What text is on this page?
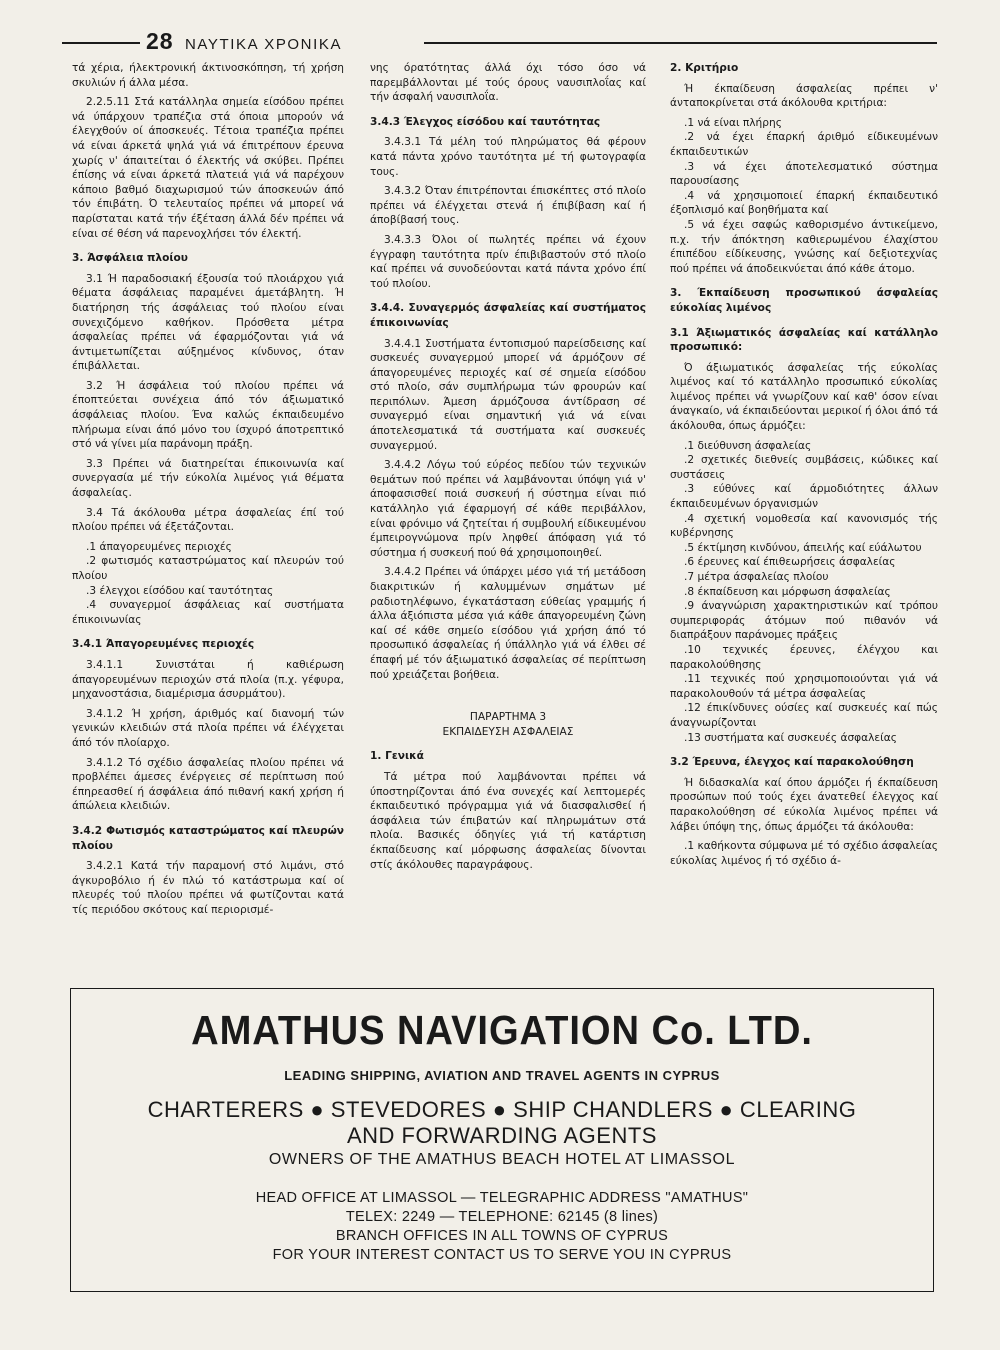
28 ΝΑΥΤΙΚΑ ΧΡΟΝΙΚΑ

τά χέρια, ήλεκτρονική άκτινοσκόπηση, τή χρήση σκυλιών ή άλλα μέσα.

2.2.5.11 Στά κατάλληλα σημεία είσόδου πρέπει νά ύπάρχουν τραπέζια στά όποια μπορούν νά έλεγχθούν οί άποσκευές. Τέτοια τραπέζια πρέπει νά είναι άρκετά ψηλά γιά νά έπιτρέπουν έρευνα χωρίς ν' άπαιτείται ό έλεκτής νά σκύβει. Πρέπει έπίσης νά είναι άρκετά πλατειά γιά νά παρέχουν κάποιο βαθμό διαχωρισμού τών άποσκευών άπό τόν έπιβάτη. Ό τελευταίος πρέπει νά μπορεί νά παρίσταται κατά τήν έξέταση άλλά δέν πρέπει νά είναι σέ θέση νά παρενοχλήσει τόν έλεκτή.

3. Άσφάλεια πλοίου

3.1 Ή παραδοσιακή έξουσία τού πλοιάρχου γιά θέματα άσφάλειας παραμένει άμετάβλητη. Ή διατήρηση τής άσφάλειας τού πλοίου είναι συνεχιζόμενο καθήκον. Πρόσθετα μέτρα άσφαλείας πρέπει νά έφαρμόζονται γιά νά άντιμετωπίζεται αύξημένος κίνδυνος, όταν έπιβάλλεται.

3.2 Ή άσφάλεια τού πλοίου πρέπει νά έποπτεύεται συνέχεια άπό τόν άξιωματικό άσφάλειας πλοίου. Ένα καλώς έκπαιδευμένο πλήρωμα είναι άπό μόνο του ίσχυρό άποτρεπτικό στό νά γίνει μία παράνομη πράξη.

3.3 Πρέπει νά διατηρείται έπικοινωνία καί συνεργασία μέ τήν εύκολία λιμένος γιά θέματα άσφαλείας.

3.4 Τά άκόλουθα μέτρα άσφαλείας έπί τού πλοίου πρέπει νά έξετάζονται.

.1 άπαγορευμένες περιοχές

.2 φωτισμός καταστρώματος καί πλευρών τού πλοίου

.3 έλεγχοι είσόδου καί ταυτότητας

.4 συναγερμοί άσφάλειας καί συστήματα έπικοινωνίας

3.4.1 Άπαγορευμένες περιοχές

3.4.1.1 Συνιστάται ή καθιέρωση άπαγορευμένων περιοχών στά πλοία (π.χ. γέφυρα, μηχανοστάσια, διαμέρισμα άσυρμάτου).

3.4.1.2 Ή χρήση, άριθμός καί διανομή τών γενικών κλειδιών στά πλοία πρέπει νά έλέγχεται άπό τόν πλοίαρχο.

3.4.1.2 Τό σχέδιο άσφαλείας πλοίου πρέπει νά προβλέπει άμεσες ένέργειες σέ περίπτωση πού έπηρεασθεί ή άσφάλεια άπό πιθανή κακή χρήση ή άπώλεια κλειδιών.

3.4.2 Φωτισμός καταστρώματος καί πλευρών πλοίου

3.4.2.1 Κατά τήν παραμονή στό λιμάνι, στό άγκυροβόλιο ή έν πλώ τό κατάστρωμα καί οί πλευρές τού πλοίου πρέπει νά φωτίζονται κατά τίς περιόδου σκότους καί περιορισμέ-

νης όρατότητας άλλά όχι τόσο όσο νά παρεμβάλλονται μέ τούς όρους ναυσιπλοΐας καί τήν άσφαλή ναυσιπλοΐα.

3.4.3 Έλεγχος είσόδου καί ταυτότητας

3.4.3.1 Τά μέλη τού πληρώματος θά φέρουν κατά πάντα χρόνο ταυτότητα μέ τή φωτογραφία τους.

3.4.3.2 Όταν έπιτρέπονται έπισκέπτες στό πλοίο πρέπει νά έλέγχεται στενά ή έπιβίβαση καί ή άποβίβασή τους.

3.4.3.3 Όλοι οί πωλητές πρέπει νά έχουν έγγραφη ταυτότητα πρίν έπιβιβαστούν στό πλοίο καί πρέπει νά συνοδεύονται κατά πάντα χρόνο έπί τού πλοίου.

3.4.4. Συναγερμός άσφαλείας καί συστήματος έπικοινωνίας

3.4.4.1 Συστήματα έντοπισμού παρείσδεισης καί συσκευές συναγερμού μπορεί νά άρμόζουν σέ άπαγορευμένες περιοχές καί σέ σημεία είσόδου στό πλοίο, σάν συμπλήρωμα τών φρουρών καί περιπόλων. Άμεση άρμόζουσα άντίδραση σέ συναγερμό είναι σημαντική γιά νά είναι άποτελεσματικά τά συστήματα καί συσκευές συναγερμού.

3.4.4.2 Λόγω τού εύρέος πεδίου τών τεχνικών θεμάτων πού πρέπει νά λαμβάνονται ύπόψη γιά ν' άποφασισθεί ποιά συσκευή ή σύστημα είναι πιό κατάλληλο γιά έφαρμογή σέ κάθε περιβάλλον, είναι φρόνιμο νά ζητείται ή συμβουλή είδικευμένου έμπειρογνώμονα πρίν ληφθεί άπόφαση γιά τό σύστημα ή συσκευή πού θά χρησιμοποιηθεί.

3.4.4.2 Πρέπει νά ύπάρχει μέσο γιά τή μετάδοση διακριτικών ή καλυμμένων σημάτων μέ ραδιοτηλέφωνο, έγκατάσταση εύθείας γραμμής ή άλλα άξιόπιστα μέσα γιά κάθε άπαγορευμένη ζώνη καί σέ κάθε σημείο είσόδου γιά χρήση άπό τό προσωπικό άσφαλείας ή ύπάλληλο γιά νά έλθει σέ έπαφή μέ τόν άξιωματικό άσφαλείας σέ περίπτωση πού χρειάζεται βοήθεια.

ΠΑΡΑΡΤΗΜΑ 3
ΕΚΠΑΙΔΕΥΣΗ ΑΣΦΑΛΕΙΑΣ
1. Γενικά

Τά μέτρα πού λαμβάνονται πρέπει νά ύποστηρίζονται άπό ένα συνεχές καί λεπτομερές έκπαιδευτικό πρόγραμμα γιά νά διασφαλισθεί ή άσφάλεια τών έπιβατών καί πληρωμάτων στά πλοία. Βασικές όδηγίες γιά τή κατάρτιση έκπαίδευσης καί μόρφωσης άσφαλείας δίνονται στίς άκόλουθες παραγράφους.

2. Κριτήριο

Ή έκπαίδευση άσφαλείας πρέπει ν' άνταποκρίνεται στά άκόλουθα κριτήρια:

.1 νά είναι πλήρης

.2 νά έχει έπαρκή άριθμό είδικευμένων έκπαιδευτικών

.3 νά έχει άποτελεσματικό σύστημα παρουσίασης

.4 νά χρησιμοποιεί έπαρκή έκπαιδευτικό έξοπλισμό καί βοηθήματα καί

.5 νά έχει σαφώς καθορισμένο άντικείμενο, π.χ. τήν άπόκτηση καθιερωμένου έλαχίστου έπιπέδου είδίκευσης, γνώσης καί δεξιοτεχνίας πού πρέπει νά άποδεικνύεται άπό κάθε άτομο.

3. Έκπαίδευση προσωπικού άσφαλείας εύκολίας λιμένος
3.1 Άξιωματικός άσφαλείας καί κατάλληλο προσωπικό:

Ό άξιωματικός άσφαλείας τής εύκολίας λιμένος καί τό κατάλληλο προσωπικό εύκολίας λιμένος πρέπει νά γνωρίζουν καί καθ' όσον είναι άναγκαίο, νά έκπαιδεύονται μερικοί ή όλοι άπό τά άκόλουθα, όπως άρμόζει:

.1 διεύθυνση άσφαλείας

.2 σχετικές διεθνείς συμβάσεις, κώδικες καί συστάσεις

.3 εύθύνες καί άρμοδιότητες άλλων έκπαιδευμένων όργανισμών

.4 σχετική νομοθεσία καί κανονισμός τής κυβέρνησης

.5 έκτίμηση κινδύνου, άπειλής καί εύάλωτου

.6 έρευνες καί έπιθεωρήσεις άσφαλείας

.7 μέτρα άσφαλείας πλοίου

.8 έκπαίδευση και μόρφωση άσφαλείας

.9 άναγνώριση χαρακτηριστικών καί τρόπου συμπεριφοράς άτόμων πού πιθανόν νά διαπράξουν παράνομες πράξεις

.10 τεχνικές έρευνες, έλέγχου και παρακολούθησης

.11 τεχνικές πού χρησιμοποιούνται γιά νά παρακολουθούν τά μέτρα άσφαλείας

.12 έπικίνδυνες ούσίες καί συσκευές καί πώς άναγνωρίζονται

.13 συστήματα καί συσκευές άσφαλείας

3.2 Έρευνα, έλεγχος καί παρακολούθηση

Ή διδασκαλία καί όπου άρμόζει ή έκπαίδευση προσώπων πού τούς έχει άνατεθεί έλεγχος καί παρακολούθηση σέ εύκολία λιμένος πρέπει νά λάβει ύπόψη της, όπως άρμόζει τά άκόλουθα:

.1 καθήκοντα σύμφωνα μέ τό σχέδιο άσφαλείας εύκολίας λιμένος ή τό σχέδιο ά-

AMATHUS NAVIGATION Co. LTD.
LEADING SHIPPING, AVIATION AND TRAVEL AGENTS IN CYPRUS
CHARTERERS ● STEVEDORES ● SHIP CHANDLERS ● CLEARING
AND FORWARDING AGENTS
OWNERS OF THE AMATHUS BEACH HOTEL AT LIMASSOL
HEAD OFFICE AT LIMASSOL — TELEGRAPHIC ADDRESS "AMATHUS"
TELEX: 2249 — TELEPHONE: 62145 (8 lines)
BRANCH OFFICES IN ALL TOWNS OF CYPRUS
FOR YOUR INTEREST CONTACT US TO SERVE YOU IN CYPRUS
